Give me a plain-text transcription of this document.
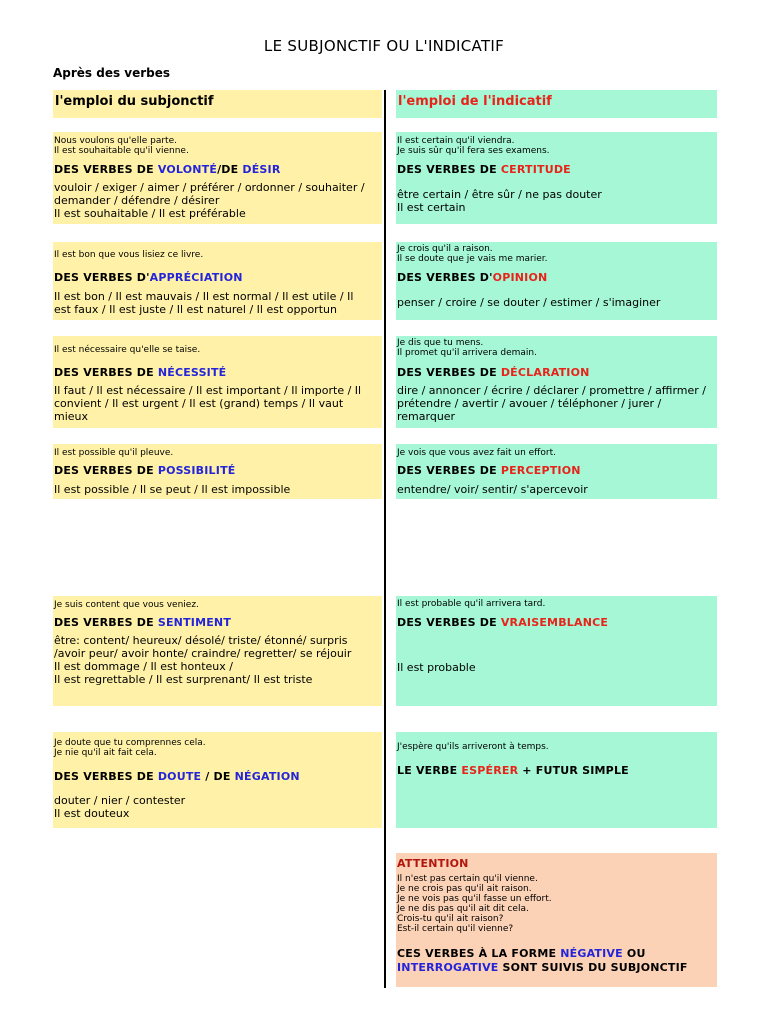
LE SUBJONCTIF OU L'INDICATIF
Après des verbes
l'emploi du subjonctif	l'emploi de l'indicatif
Nous voulons qu'elle parte.
Il est souhaitable qu'il vienne.
DES VERBES DE VOLONTÉ/DE DÉSIR
vouloir / exiger / aimer / préférer / ordonner / souhaiter /
demander / défendre / désirer
Il est souhaitable / Il est préférable
Il est bon que vous lisiez ce livre.
DES VERBES D'APPRÉCIATION
Il est bon / Il est mauvais / Il est normal / Il est utile / Il
est faux / Il est juste / Il est naturel / Il est opportun
Il est nécessaire qu'elle se taise.
DES VERBES DE NÉCESSITÉ
Il faut / Il est nécessaire / Il est important / Il importe / Il
convient / Il est urgent / Il est (grand) temps / Il vaut
mieux
Il est possible qu'il pleuve.
DES VERBES DE POSSIBILITÉ
Il est possible / Il se peut / Il est impossible
Je suis content que vous veniez.
DES VERBES DE SENTIMENT
être: content/ heureux/ désolé/ triste/ étonné/ surpris
/avoir peur/ avoir honte/ craindre/ regretter/ se réjouir
Il est dommage / Il est honteux /
Il est regrettable / Il est surprenant/ Il est triste
Je doute que tu comprennes cela.
Je nie qu'il ait fait cela.
DES VERBES DE DOUTE / DE NÉGATION
douter / nier / contester
Il est douteux
Il est certain qu'il viendra.
Je suis sûr qu'il fera ses examens.
DES VERBES DE CERTITUDE
être certain / être sûr / ne pas douter
Il est certain
Je crois qu'il a raison.
Il se doute que je vais me marier.
DES VERBES D'OPINION
penser / croire / se douter / estimer / s'imaginer
Je dis que tu mens.
Il promet qu'il arrivera demain.
DES VERBES DE DÉCLARATION
dire / annoncer / écrire / déclarer / promettre / affirmer /
prétendre / avertir / avouer / téléphoner / jurer /
remarquer
Je vois que vous avez fait un effort.
DES VERBES DE PERCEPTION
entendre/ voir/ sentir/ s'apercevoir
Il est probable qu'il arrivera tard.
DES VERBES DE VRAISEMBLANCE
Il est probable
J'espère qu'ils arriveront à temps.
LE VERBE ESPÉRER + FUTUR SIMPLE
ATTENTION
Il n'est pas certain qu'il vienne.
Je ne crois pas qu'il ait raison.
Je ne vois pas qu'il fasse un effort.
Je ne dis pas qu'il ait dit cela.
Crois-tu qu'il ait raison?
Est-il certain qu'il vienne?
CES VERBES À LA FORME NÉGATIVE OU
INTERROGATIVE SONT SUIVIS DU SUBJONCTIF
